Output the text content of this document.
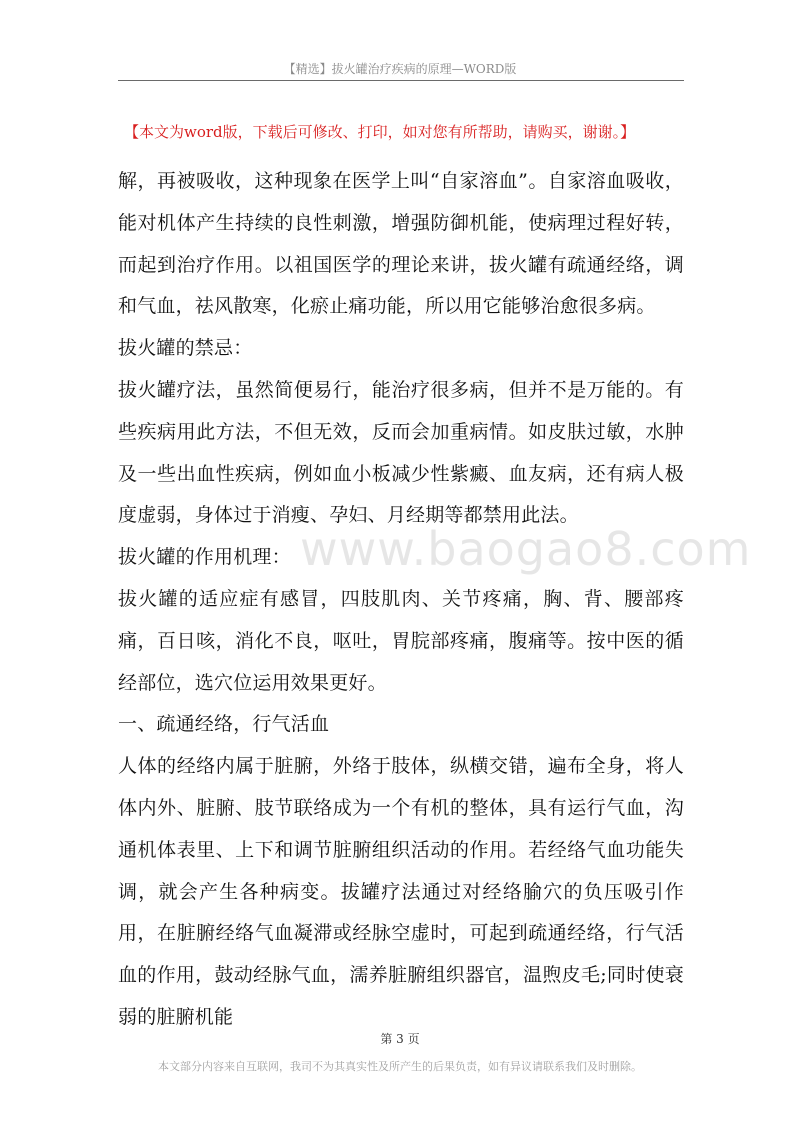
【精选】拔火罐治疗疾病的原理—WORD版
【本文为word版，下载后可修改、打印，如对您有所帮助，请购买，谢谢。】
www.baogao8.com

解，再被吸收，这种现象在医学上叫“自家溶血”。自家溶血吸收，能对机体产生持续的良性刺激，增强防御机能，使病理过程好转，而起到治疗作用。以祖国医学的理论来讲，拔火罐有疏通经络，调和气血，祛风散寒，化瘀止痛功能，所以用它能够治愈很多病。

拔火罐的禁忌：

拔火罐疗法，虽然简便易行，能治疗很多病，但并不是万能的。有些疾病用此方法，不但无效，反而会加重病情。如皮肤过敏，水肿及一些出血性疾病，例如血小板减少性紫癜、血友病，还有病人极度虚弱，身体过于消瘦、孕妇、月经期等都禁用此法。

拔火罐的作用机理：

拔火罐的适应症有感冒，四肢肌肉、关节疼痛，胸、背、腰部疼痛，百日咳，消化不良，呕吐，胃脘部疼痛，腹痛等。按中医的循经部位，选穴位运用效果更好。

一、疏通经络，行气活血

人体的经络内属于脏腑，外络于肢体，纵横交错，遍布全身，将人体内外、脏腑、肢节联络成为一个有机的整体，具有运行气血，沟通机体表里、上下和调节脏腑组织活动的作用。若经络气血功能失调，就会产生各种病变。拔罐疗法通过对经络腧穴的负压吸引作用，在脏腑经络气血凝滞或经脉空虚时，可起到疏通经络，行气活血的作用，鼓动经脉气血，濡养脏腑组织器官，温煦皮毛;同时使衰弱的脏腑机能

第 3 页
本文部分内容来自互联网，我司不为其真实性及所产生的后果负责，如有异议请联系我们及时删除。
